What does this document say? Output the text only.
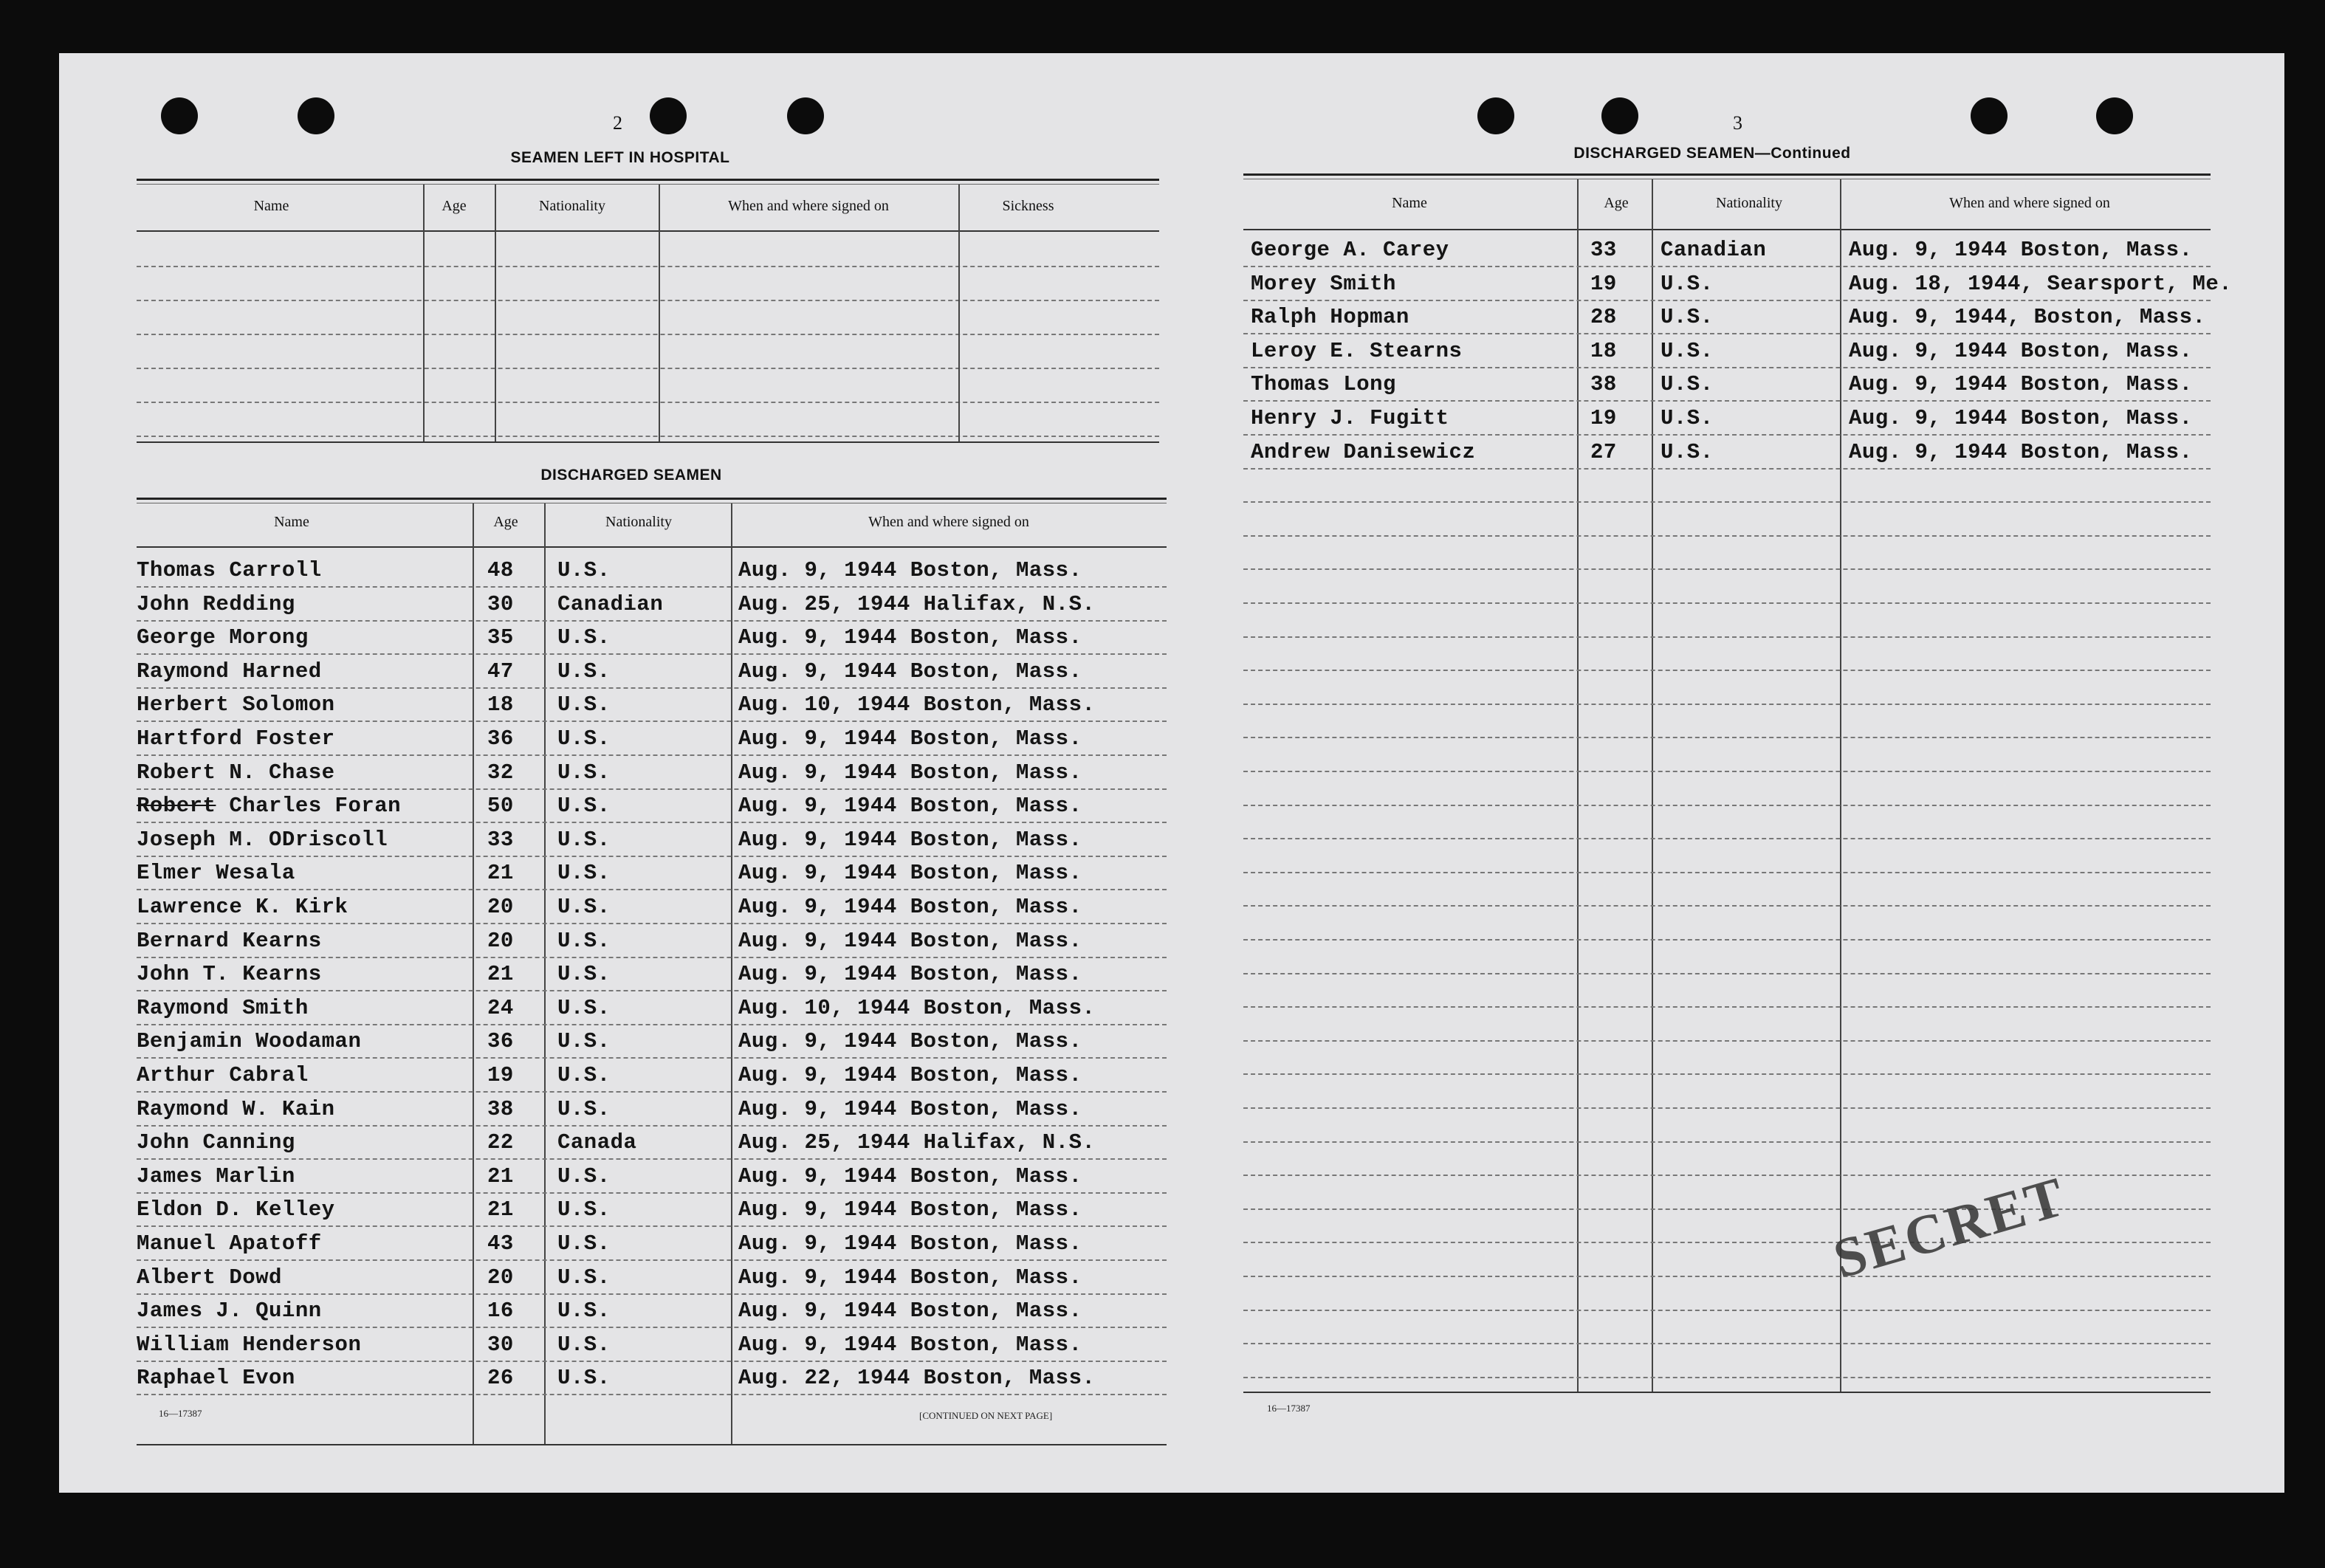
2
SEAMEN LEFT IN HOSPITAL
Name	Age	Nationality	When and where signed on	Sickness
DISCHARGED SEAMEN
Name	Age	Nationality	When and where signed on
Thomas Carroll	48 U.S.	Aug. 9, 1944 Boston, Mass.
John Redding	30 Canadian	Aug. 25, 1944 Halifax, N.S.
George Morong	35 U.S.	Aug. 9, 1944 Boston, Mass.
Raymond Harned	47 U.S.	Aug. 9, 1944 Boston, Mass.
Herbert Solomon	18 U.S.	Aug. 10, 1944 Boston, Mass.
Hartford Foster	36 U.S.	Aug. 9, 1944 Boston, Mass.
Robert N. Chase	32 U.S.	Aug. 9, 1944 Boston, Mass.
Robert Charles Foran	50 U.S.	Aug. 9, 1944 Boston, Mass.
Joseph M. ODriscoll	33 U.S.	Aug. 9, 1944 Boston, Mass.
Elmer Wesala	21 U.S.	Aug. 9, 1944 Boston, Mass.
Lawrence K. Kirk	20 U.S.	Aug. 9, 1944 Boston, Mass.
Bernard Kearns	20 U.S.	Aug. 9, 1944 Boston, Mass.
John T. Kearns	21 U.S.	Aug. 9, 1944 Boston, Mass.
Raymond Smith	24 U.S.	Aug. 10, 1944 Boston, Mass.
Benjamin Woodaman	36 U.S.	Aug. 9, 1944 Boston, Mass.
Arthur Cabral	19 U.S.	Aug. 9, 1944 Boston, Mass.
Raymond W. Kain	38 U.S.	Aug. 9, 1944 Boston, Mass.
John Canning	22 Canada	Aug. 25, 1944 Halifax, N.S.
James Marlin	21 U.S.	Aug. 9, 1944 Boston, Mass.
Eldon D. Kelley	21 U.S.	Aug. 9, 1944 Boston, Mass.
Manuel Apatoff	43 U.S.	Aug. 9, 1944 Boston, Mass.
Albert Dowd	20 U.S.	Aug. 9, 1944 Boston, Mass.
James J. Quinn	16 U.S.	Aug. 9, 1944 Boston, Mass.
William Henderson	30 U.S.	Aug. 9, 1944 Boston, Mass.
Raphael Evon	26 U.S.	Aug. 22, 1944 Boston, Mass.
16—17387	[CONTINUED ON NEXT PAGE]
3
DISCHARGED SEAMEN—Continued
Name	Age	Nationality	When and where signed on
George A. Carey	33 Canadian	Aug. 9, 1944 Boston, Mass.
Morey Smith	19 U.S.	Aug. 18, 1944, Searsport, Me.
Ralph Hopman	28 U.S.	Aug. 9, 1944, Boston, Mass.
Leroy E. Stearns	18 U.S.	Aug. 9, 1944 Boston, Mass.
Thomas Long	38 U.S.	Aug. 9, 1944 Boston, Mass.
Henry J. Fugitt	19 U.S.	Aug. 9, 1944 Boston, Mass.
Andrew Danisewicz	27 U.S.	Aug. 9, 1944 Boston, Mass.
16—17387
SECRET
